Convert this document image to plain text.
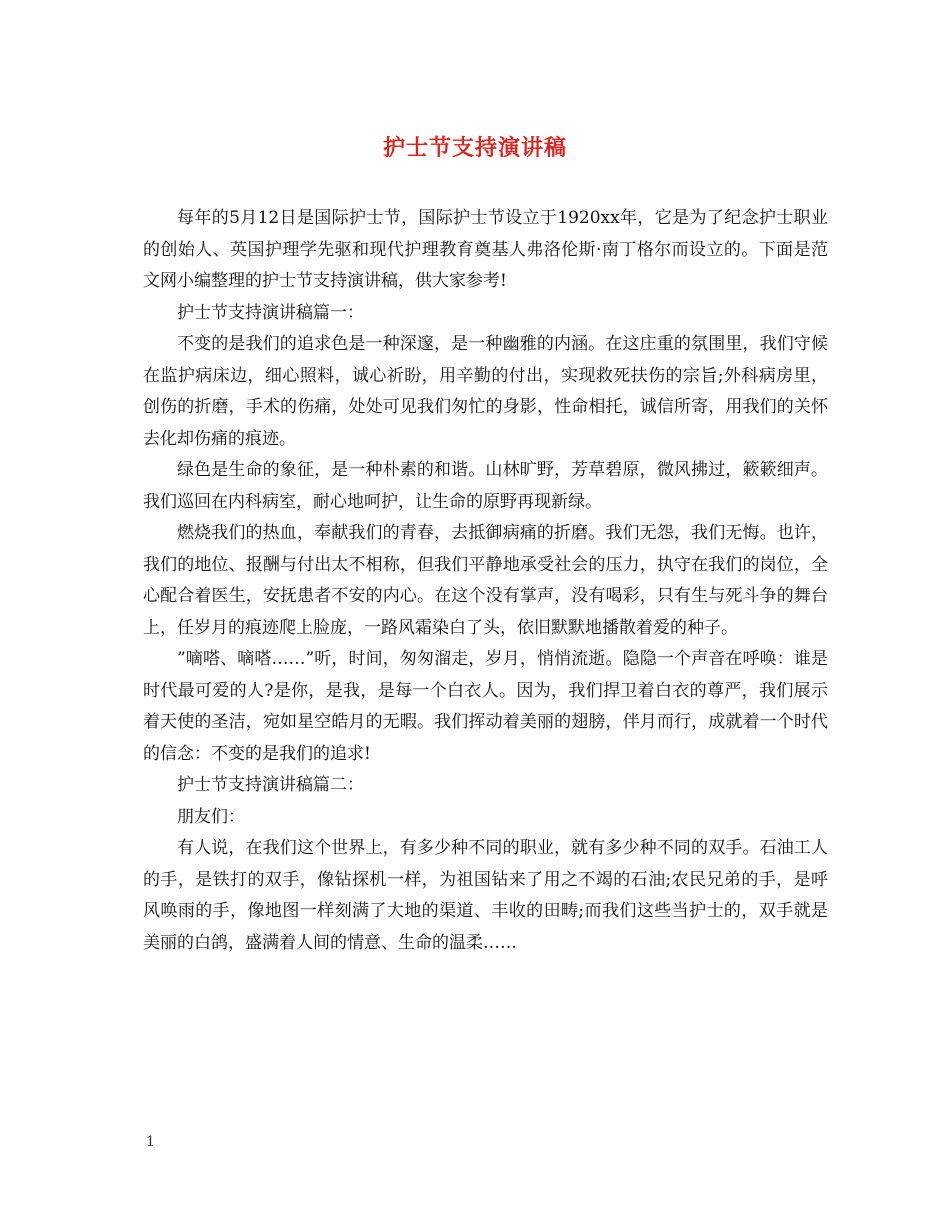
护士节支持演讲稿

每年的5月12日是国际护士节，国际护士节设立于1920xx年，它是为了纪念护士职业的创始人、英国护理学先驱和现代护理教育奠基人弗洛伦斯·南丁格尔而设立的。下面是范文网小编整理的护士节支持演讲稿，供大家参考!

护士节支持演讲稿篇一：

不变的是我们的追求色是一种深邃，是一种幽雅的内涵。在这庄重的氛围里，我们守候在监护病床边，细心照料，诚心祈盼，用辛勤的付出，实现救死扶伤的宗旨;外科病房里，创伤的折磨，手术的伤痛，处处可见我们匆忙的身影，性命相托，诚信所寄，用我们的关怀去化却伤痛的痕迹。

绿色是生命的象征，是一种朴素的和谐。山林旷野，芳草碧原，微风拂过，簌簌细声。我们巡回在内科病室，耐心地呵护，让生命的原野再现新绿。

燃烧我们的热血，奉献我们的青春，去抵御病痛的折磨。我们无怨，我们无悔。也许，我们的地位、报酬与付出太不相称，但我们平静地承受社会的压力，执守在我们的岗位，全心配合着医生，安抚患者不安的内心。在这个没有掌声，没有喝彩，只有生与死斗争的舞台上，任岁月的痕迹爬上脸庞，一路风霜染白了头，依旧默默地播散着爱的种子。

”嘀嗒、嘀嗒……”听，时间，匆匆溜走，岁月，悄悄流逝。隐隐一个声音在呼唤：谁是时代最可爱的人?是你，是我，是每一个白衣人。因为，我们捍卫着白衣的尊严，我们展示着天使的圣洁，宛如星空皓月的无暇。我们挥动着美丽的翅膀，伴月而行，成就着一个时代的信念：不变的是我们的追求!

护士节支持演讲稿篇二：

朋友们：

有人说，在我们这个世界上，有多少种不同的职业，就有多少种不同的双手。石油工人的手，是铁打的双手，像钻探机一样，为祖国钻来了用之不竭的石油;农民兄弟的手，是呼风唤雨的手，像地图一样刻满了大地的渠道、丰收的田畴;而我们这些当护士的，双手就是美丽的白鸽，盛满着人间的情意、生命的温柔……

1
